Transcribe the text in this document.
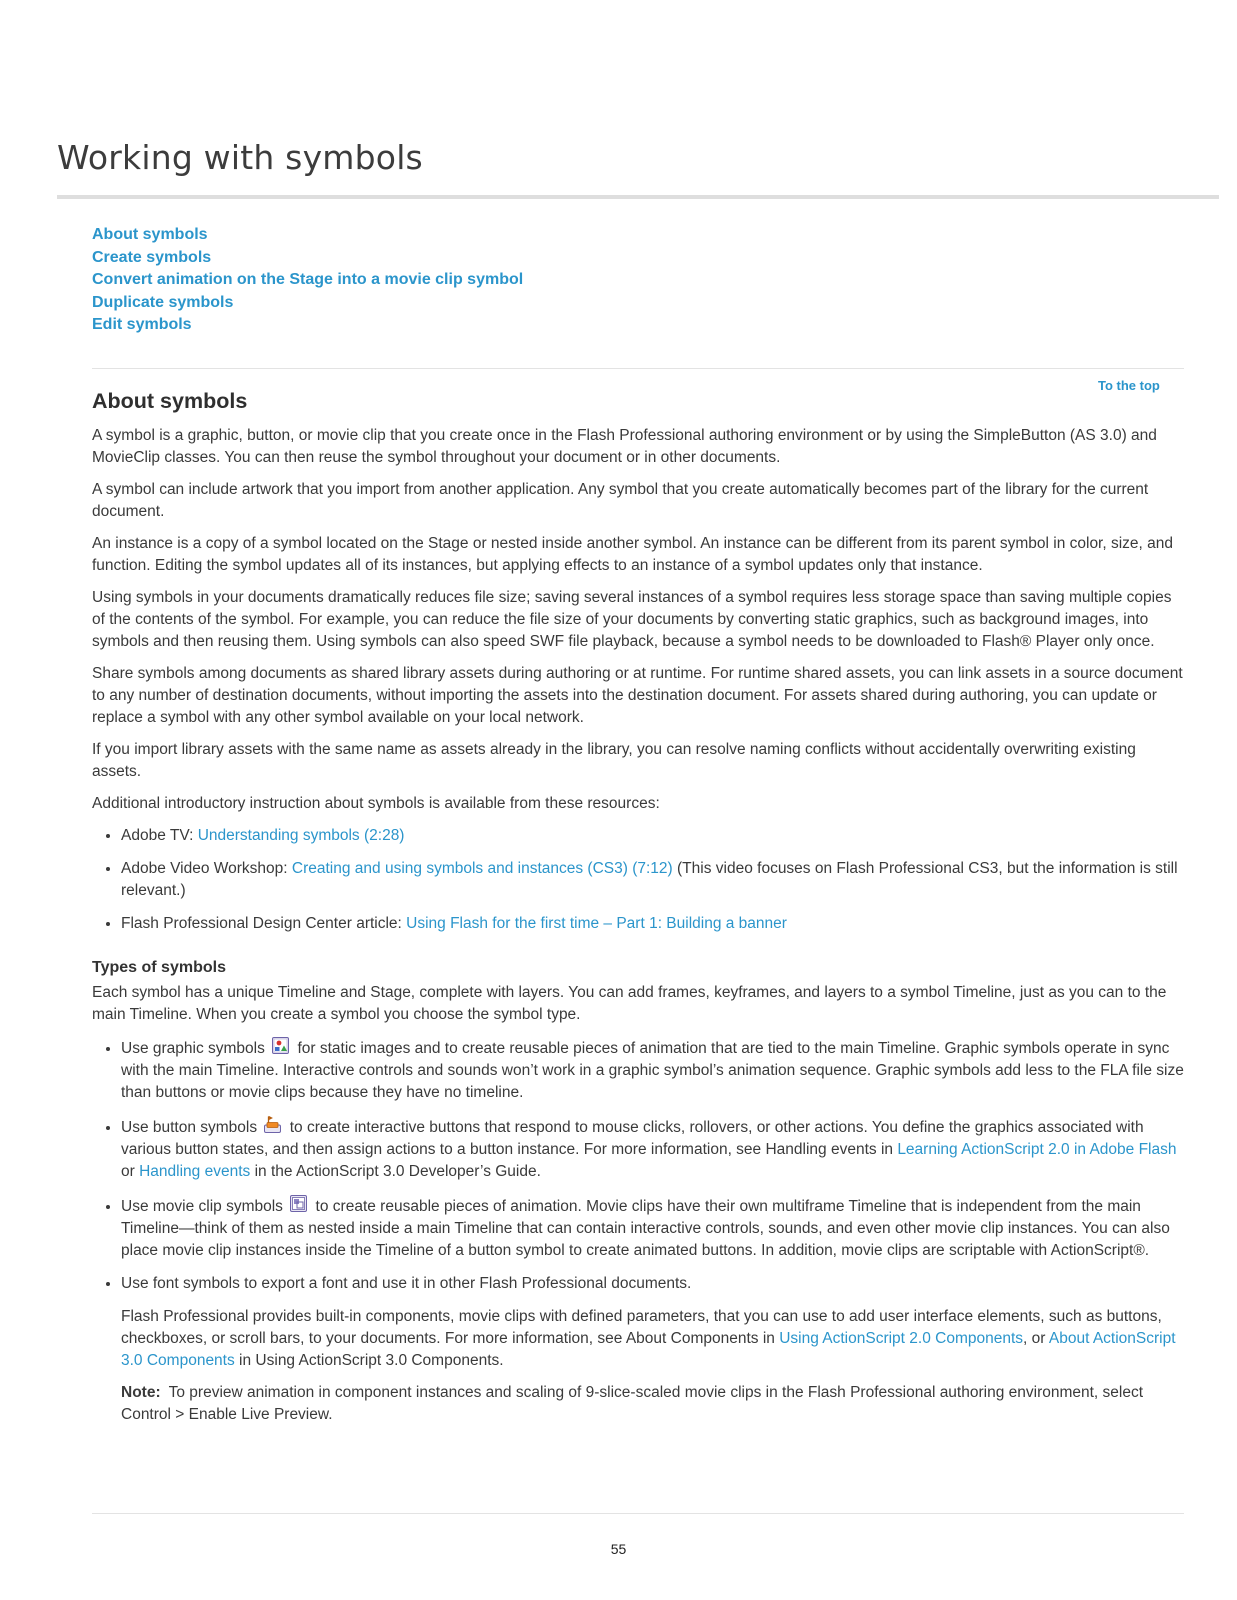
Working with symbols
About symbols
Create symbols
Convert animation on the Stage into a movie clip symbol
Duplicate symbols
Edit symbols
To the top
About symbols

A symbol is a graphic, button, or movie clip that you create once in the Flash Professional authoring environment or by using the SimpleButton (AS 3.0) and MovieClip classes. You can then reuse the symbol throughout your document or in other documents.

A symbol can include artwork that you import from another application. Any symbol that you create automatically becomes part of the library for the current document.

An instance is a copy of a symbol located on the Stage or nested inside another symbol. An instance can be different from its parent symbol in color, size, and function. Editing the symbol updates all of its instances, but applying effects to an instance of a symbol updates only that instance.

Using symbols in your documents dramatically reduces file size; saving several instances of a symbol requires less storage space than saving multiple copies of the contents of the symbol. For example, you can reduce the file size of your documents by converting static graphics, such as background images, into symbols and then reusing them. Using symbols can also speed SWF file playback, because a symbol needs to be downloaded to Flash® Player only once.

Share symbols among documents as shared library assets during authoring or at runtime. For runtime shared assets, you can link assets in a source document to any number of destination documents, without importing the assets into the destination document. For assets shared during authoring, you can update or replace a symbol with any other symbol available on your local network.

If you import library assets with the same name as assets already in the library, you can resolve naming conflicts without accidentally overwriting existing assets.

Additional introductory instruction about symbols is available from these resources:

• Adobe TV: Understanding symbols (2:28)
• Adobe Video Workshop: Creating and using symbols and instances (CS3) (7:12) (This video focuses on Flash Professional CS3, but the information is still relevant.)
• Flash Professional Design Center article: Using Flash for the first time – Part 1: Building a banner
Types of symbols

Each symbol has a unique Timeline and Stage, complete with layers. You can add frames, keyframes, and layers to a symbol Timeline, just as you can to the main Timeline. When you create a symbol you choose the symbol type.

• Use graphic symbols  for static images and to create reusable pieces of animation that are tied to the main Timeline. Graphic symbols operate in sync with the main Timeline. Interactive controls and sounds won’t work in a graphic symbol’s animation sequence. Graphic symbols add less to the FLA file size than buttons or movie clips because they have no timeline.
• Use button symbols  to create interactive buttons that respond to mouse clicks, rollovers, or other actions. You define the graphics associated with various button states, and then assign actions to a button instance. For more information, see Handling events in Learning ActionScript 2.0 in Adobe Flash or Handling events in the ActionScript 3.0 Developer’s Guide.
• Use movie clip symbols  to create reusable pieces of animation. Movie clips have their own multiframe Timeline that is independent from the main Timeline—think of them as nested inside a main Timeline that can contain interactive controls, sounds, and even other movie clip instances. You can also place movie clip instances inside the Timeline of a button symbol to create animated buttons. In addition, movie clips are scriptable with ActionScript®.
• Use font symbols to export a font and use it in other Flash Professional documents.
Flash Professional provides built-in components, movie clips with defined parameters, that you can use to add user interface elements, such as buttons, checkboxes, or scroll bars, to your documents. For more information, see About Components in Using ActionScript 2.0 Components, or About ActionScript 3.0 Components in Using ActionScript 3.0 Components.
Note: To preview animation in component instances and scaling of 9-slice-scaled movie clips in the Flash Professional authoring environment, select Control > Enable Live Preview.
55
